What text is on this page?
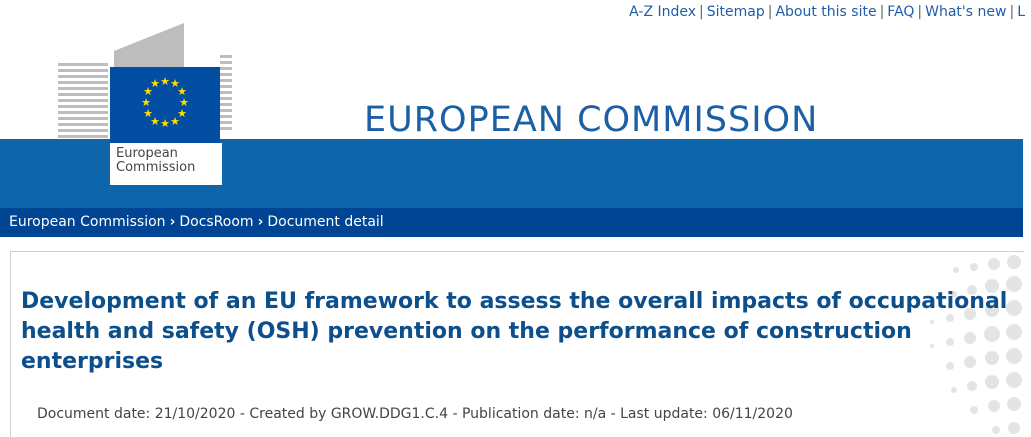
★ ★
★
★
★
★
★
★
★
★
★
★
European
Commission
EUROPEAN COMMISSION
A-Z Index | Sitemap | About this site | FAQ | What's new | L
European Commission › DocsRoom › Document detail
Development of an EU framework to assess the overall impacts of occupational health and safety (OSH) prevention on the performance of construction enterprises
Document date: 21/10/2020 - Created by GROW.DDG1.C.4 - Publication date: n/a - Last update: 06/11/2020
